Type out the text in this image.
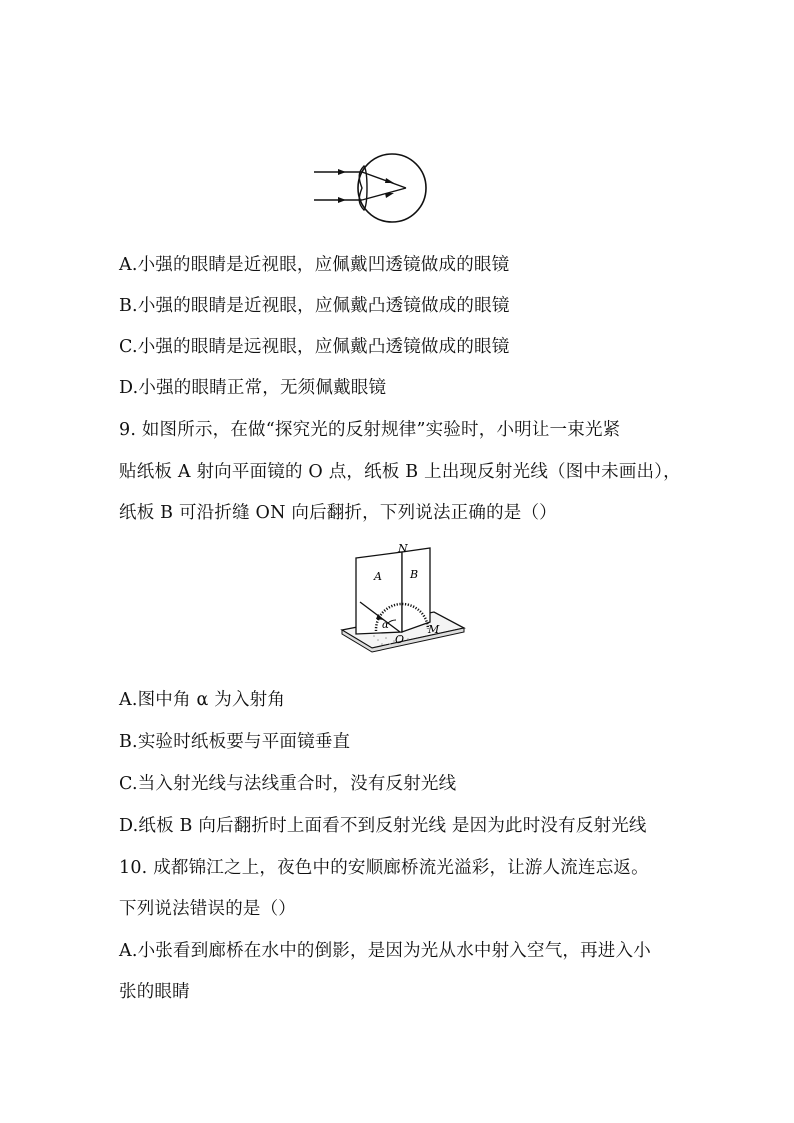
A.小强的眼睛是近视眼，应佩戴凹透镜做成的眼镜
B.小强的眼睛是近视眼，应佩戴凸透镜做成的眼镜
C.小强的眼睛是远视眼，应佩戴凸透镜做成的眼镜
D.小强的眼睛正常，无须佩戴眼镜
9. 如图所示，在做“探究光的反射规律”实验时，小明让一束光紧
贴纸板 A 射向平面镜的 O 点，纸板 B 上出现反射光线（图中未画出），
纸板 B 可沿折缝 ON 向后翻折，下列说法正确的是（）
N
A	B
α
O
M
A.图中角 α 为入射角
B.实验时纸板要与平面镜垂直
C.当入射光线与法线重合时，没有反射光线
D.纸板 B 向后翻折时上面看不到反射光线 是因为此时没有反射光线
10. 成都锦江之上，夜色中的安顺廊桥流光溢彩，让游人流连忘返。
下列说法错误的是（）
A.小张看到廊桥在水中的倒影，是因为光从水中射入空气，再进入小
张的眼睛
